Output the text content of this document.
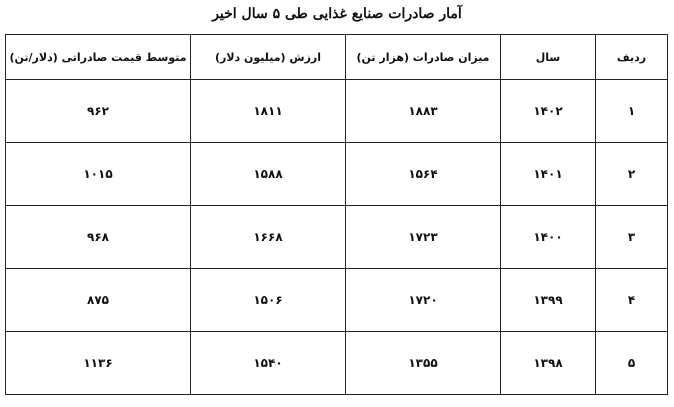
آمار صادرات صنایع غذایی طی ۵ سال اخیر
ردیف	سال	میزان صادرات (هزار تن)	ارزش (میلیون دلار)	متوسط قیمت صادراتی (دلار/تن)
۱	۱۴۰۲	۱۸۸۳	۱۸۱۱	۹۶۲
۲	۱۴۰۱	۱۵۶۴	۱۵۸۸	۱۰۱۵
۳	۱۴۰۰	۱۷۲۳	۱۶۶۸	۹۶۸
۴	۱۳۹۹	۱۷۲۰	۱۵۰۶	۸۷۵
۵	۱۳۹۸	۱۳۵۵	۱۵۴۰	۱۱۳۶
